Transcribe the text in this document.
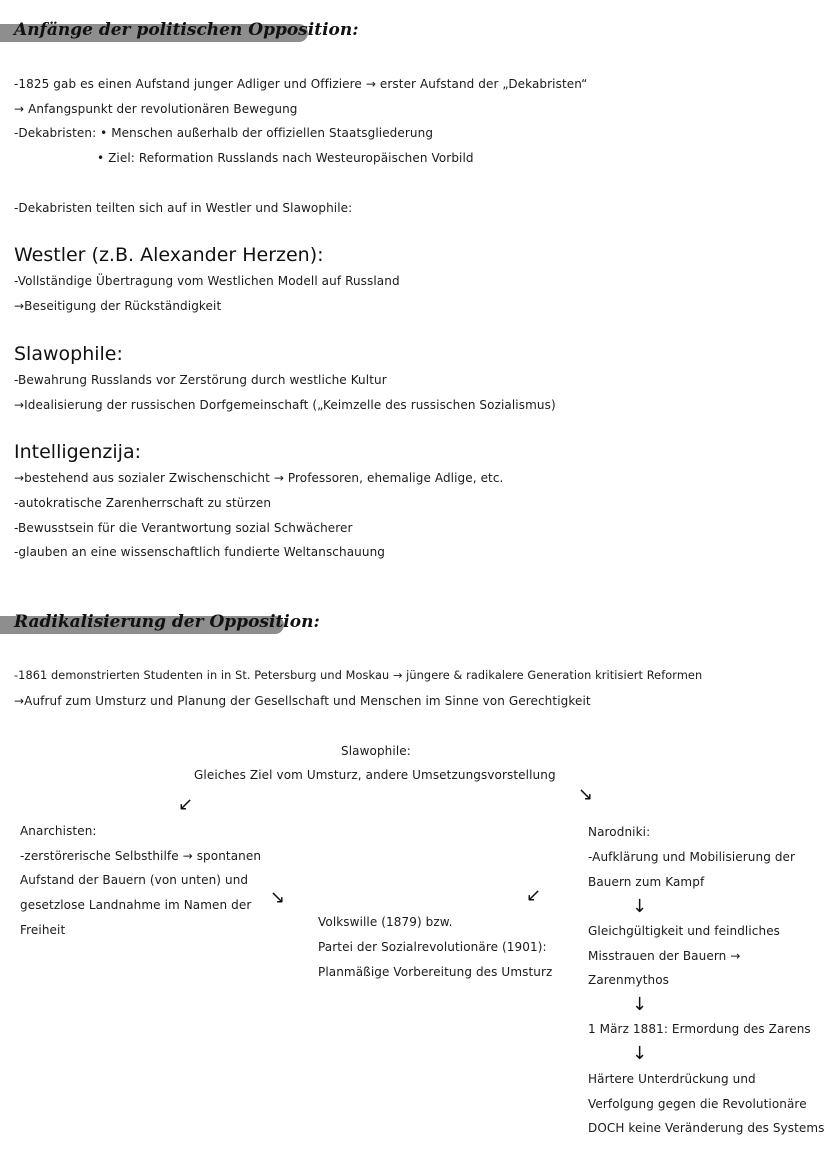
Anfänge der politischen Opposition:
-1825 gab es einen Aufstand junger Adliger und Offiziere → erster Aufstand der „Dekabristen“
→ Anfangspunkt der revolutionären Bewegung
-Dekabristen: • Menschen außerhalb der offiziellen Staatsgliederung
• Ziel: Reformation Russlands nach Westeuropäischen Vorbild
-Dekabristen teilten sich auf in Westler und Slawophile:
Westler (z.B. Alexander Herzen):
-Vollständige Übertragung vom Westlichen Modell auf Russland
→Beseitigung der Rückständigkeit
Slawophile:
-Bewahrung Russlands vor Zerstörung durch westliche Kultur
→Idealisierung der russischen Dorfgemeinschaft („Keimzelle des russischen Sozialismus)
Intelligenzija:
→bestehend aus sozialer Zwischenschicht → Professoren, ehemalige Adlige, etc.
-autokratische Zarenherrschaft zu stürzen
-Bewusstsein für die Verantwortung sozial Schwächerer
-glauben an eine wissenschaftlich fundierte Weltanschauung
Radikalisierung der Opposition:
-1861 demonstrierten Studenten in in St. Petersburg und Moskau → jüngere & radikalere Generation kritisiert Reformen
→Aufruf zum Umsturz und Planung der Gesellschaft und Menschen im Sinne von Gerechtigkeit
Slawophile:
Gleiches Ziel vom Umsturz, andere Umsetzungsvorstellung
↙	↘
Anarchisten:
-zerstörerische Selbsthilfe → spontanen
Aufstand der Bauern (von unten) und
gesetzlose Landnahme im Namen der
Freiheit
↘	↙
Volkswille (1879) bzw.
Partei der Sozialrevolutionäre (1901):
Planmäßige Vorbereitung des Umsturz
Narodniki:
-Aufklärung und Mobilisierung der
Bauern zum Kampf
↓
Gleichgültigkeit und feindliches
Misstrauen der Bauern →
Zarenmythos
↓
1 März 1881: Ermordung des Zarens
↓
Härtere Unterdrückung und
Verfolgung gegen die Revolutionäre
DOCH keine Veränderung des Systems
